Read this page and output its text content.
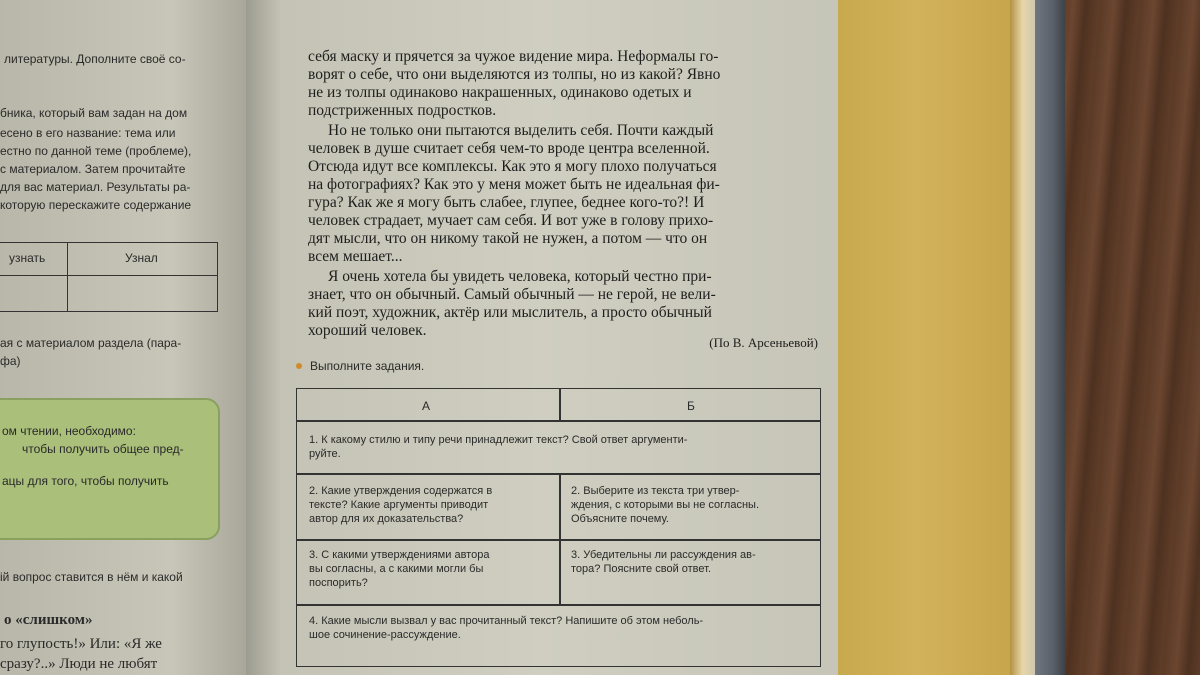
литературы. Дополните своё со-
бника, который вам задан на дом
есено в его название: тема или
естно по данной теме (проблеме),
с материалом. Затем прочитайте
для вас материал. Результаты ра-
которую перескажите содержание
узнать	Узнал
ая с материалом раздела (пара-
фа)
ом чтении, необходимо:
чтобы получить общее пред-
ацы для того, чтобы получить
ій вопрос ставится в нём и какой
о «слишком»
го глупость!» Или: «Я же
сразу?..» Люди не любят
себя маску и прячется за чужое видение мира. Неформалы го-
ворят о себе, что они выделяются из толпы, но из какой? Явно
не из толпы одинаково накрашенных, одинаково одетых и
подстриженных подростков.
Но не только они пытаются выделить себя. Почти каждый
человек в душе считает себя чем-то вроде центра вселенной.
Отсюда идут все комплексы. Как это я могу плохо получаться
на фотографиях? Как это у меня может быть не идеальная фи-
гура? Как же я могу быть слабее, глупее, беднее кого-то?! И
человек страдает, мучает сам себя. И вот уже в голову прихо-
дят мысли, что он никому такой не нужен, а потом — что он
всем мешает...
Я очень хотела бы увидеть человека, который честно при-
знает, что он обычный. Самый обычный — не герой, не вели-
кий поэт, художник, актёр или мыслитель, а просто обычный
хороший человек.
(По В. Арсеньевой)
Выполните задания.
А	Б
1. К какому стилю и типу речи принадлежит текст? Свой ответ аргументи-
руйте.
2. Какие утверждения содержатся в
тексте? Какие аргументы приводит
автор для их доказательства?
2. Выберите из текста три утвер-
ждения, с которыми вы не согласны.
Объясните почему.
3. С какими утверждениями автора
вы согласны, а с какими могли бы
поспорить?
3. Убедительны ли рассуждения ав-
тора? Поясните свой ответ.
4. Какие мысли вызвал у вас прочитанный текст? Напишите об этом неболь-
шое сочинение-рассуждение.
